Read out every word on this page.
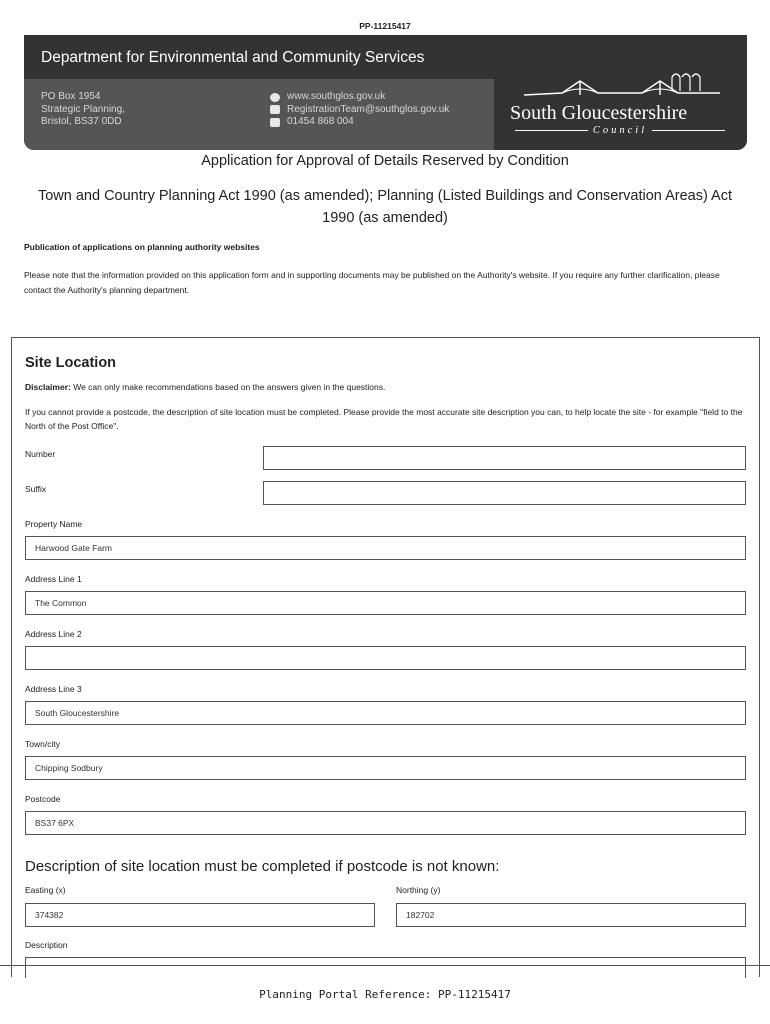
PP-11215417
Department for Environmental and Community Services
PO Box 1954
Strategic Planning,
Bristol, BS37 0DD
www.southglos.gov.uk
RegistrationTeam@southglos.gov.uk
01454 868 004	South Gloucestershire
Council
Application for Approval of Details Reserved by Condition
Town and Country Planning Act 1990 (as amended); Planning (Listed Buildings and Conservation Areas) Act 1990 (as amended)
Publication of applications on planning authority websites
Please note that the information provided on this application form and in supporting documents may be published on the Authority's website. If you require any further clarification, please contact the Authority's planning department.
Site Location
Disclaimer: We can only make recommendations based on the answers given in the questions.
If you cannot provide a postcode, the description of site location must be completed. Please provide the most accurate site description you can, to help locate the site - for example "field to the North of the Post Office".
Number
Suffix
Property Name
Harwood Gate Farm
Address Line 1
The Common
Address Line 2
Address Line 3
South Gloucestershire
Town/city
Chipping Sodbury
Postcode
BS37 6PX
Description of site location must be completed if postcode is not known:
Easting (x)
374382
Northing (y)
182702
Description
Planning Portal Reference: PP-11215417
